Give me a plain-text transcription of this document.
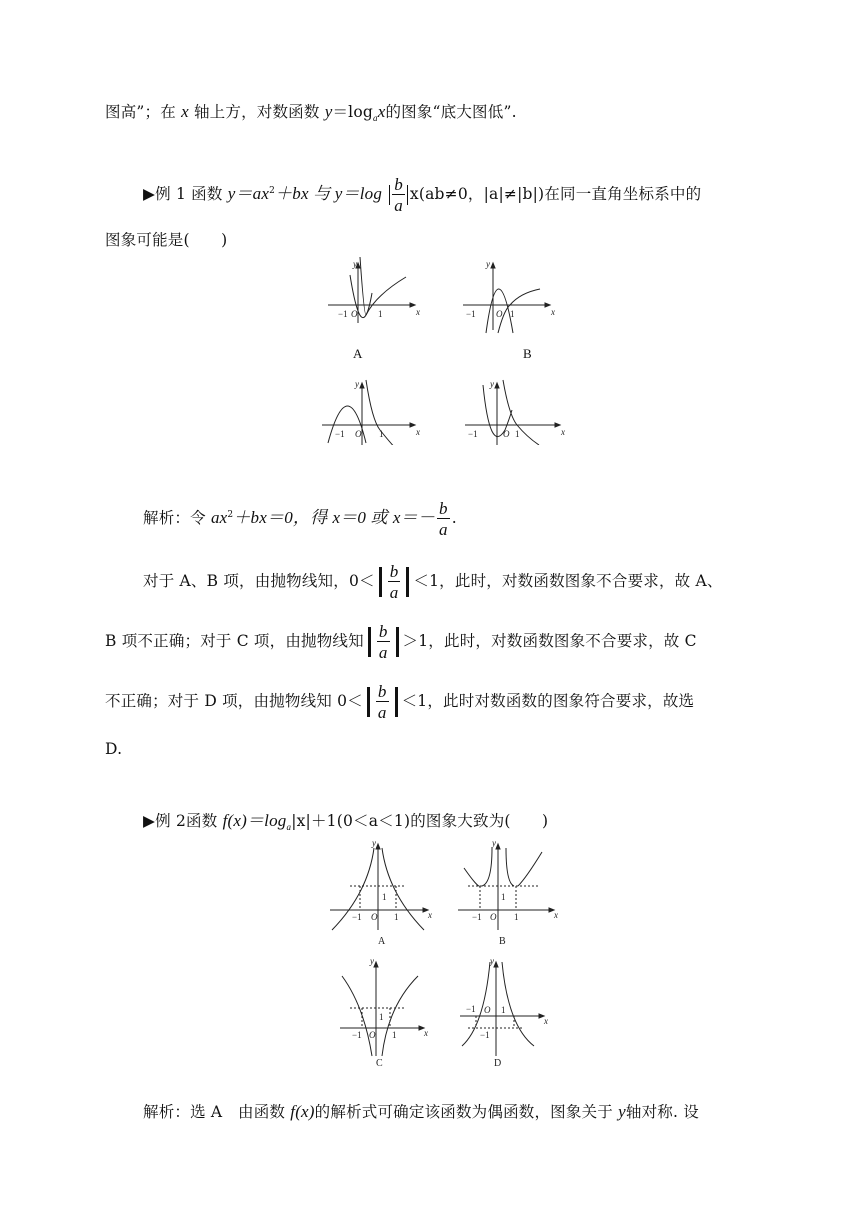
图高”；在 x 轴上方，对数函数 $y=\log_ax$的图象“底大图低”.
▶例 1 函数 $y=ax^2+bx$ 与 $y=\log \frac{b}{a} x(ab\ne 0$，|a|≠|b|)在同一直角坐标系中的
图象可能是(　　)
y
x
−1 O 1
y
x
−1 O 1
y
x
−1 O 1
y
x
−1	O 1
A	B
解析：令 $ax^2+bx=0$，得 x＝0 或 $x=- \frac{b}{a}$ .
对于 A、B 项，由抛物线知，$0< \frac{b}{a} <1$，此时，对数函数图象不合要求，故 A、
B 项不正确；对于 C 项，由抛物线知 $\frac{b}{a} >1$，此时，对数函数图象不合要求，故 C
不正确；对于 D 项，由抛物线知 $0< \frac{b}{a} <1$，此时对数函数的图象符合要求，故选
D.
▶例 2函数 $f(x)=\log_a|x|+1(0<a<1)$的图象大致为(　　)
y
x
1
−1 O 1
A
y
x
1
−1 O 1
B
y
x
1
−1 O 1
C
y
x
−1 O 1
−1
D
解析：选 A　由函数 f(x)的解析式可确定该函数为偶函数，图象关于 y轴对称. 设
